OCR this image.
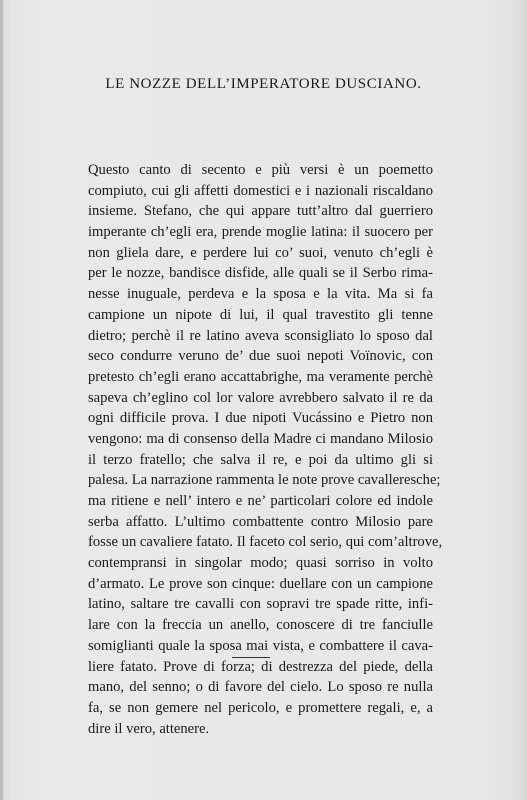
LE NOZZE DELL’IMPERATORE DUSCIANO.
Questo canto di secento e più versi è un poemetto
compiuto, cui gli affetti domestici e i nazionali riscaldano
insieme. Stefano, che qui appare tutt’altro dal guerriero
imperante ch’egli era, prende moglie latina: il suocero per
non gliela dare, e perdere lui co’ suoi, venuto ch’egli è
per le nozze, bandisce disfide, alle quali se il Serbo rima-
nesse inuguale, perdeva e la sposa e la vita. Ma si fa
campione un nipote di lui, il qual travestito gli tenne
dietro; perchè il re latino aveva sconsigliato lo sposo dal
seco condurre veruno de’ due suoi nepoti Voïnovic, con
pretesto ch’egli erano accattabrighe, ma veramente perchè
sapeva ch’eglino col lor valore avrebbero salvato il re da
ogni difficile prova. I due nipoti Vucássino e Pietro non
vengono: ma di consenso della Madre ci mandano Milosio
il terzo fratello; che salva il re, e poi da ultimo gli si
palesa. La narrazione rammenta le note prove cavalleresche;
ma ritiene e nell’ intero e ne’ particolari colore ed indole
serba affatto. L’ultimo combattente contro Milosio pare
fosse un cavaliere fatato. Il faceto col serio, qui com’altrove,
contempransi in singolar modo; quasi sorriso in volto
d’armato. Le prove son cinque: duellare con un campione
latino, saltare tre cavalli con sopravi tre spade ritte, infi-
lare con la freccia un anello, conoscere di tre fanciulle
somiglianti quale la sposa mai vista, e combattere il cava-
liere fatato. Prove di forza; di destrezza del piede, della
mano, del senno; o di favore del cielo. Lo sposo re nulla
fa, se non gemere nel pericolo, e promettere regali, e, a
dire il vero, attenere.
